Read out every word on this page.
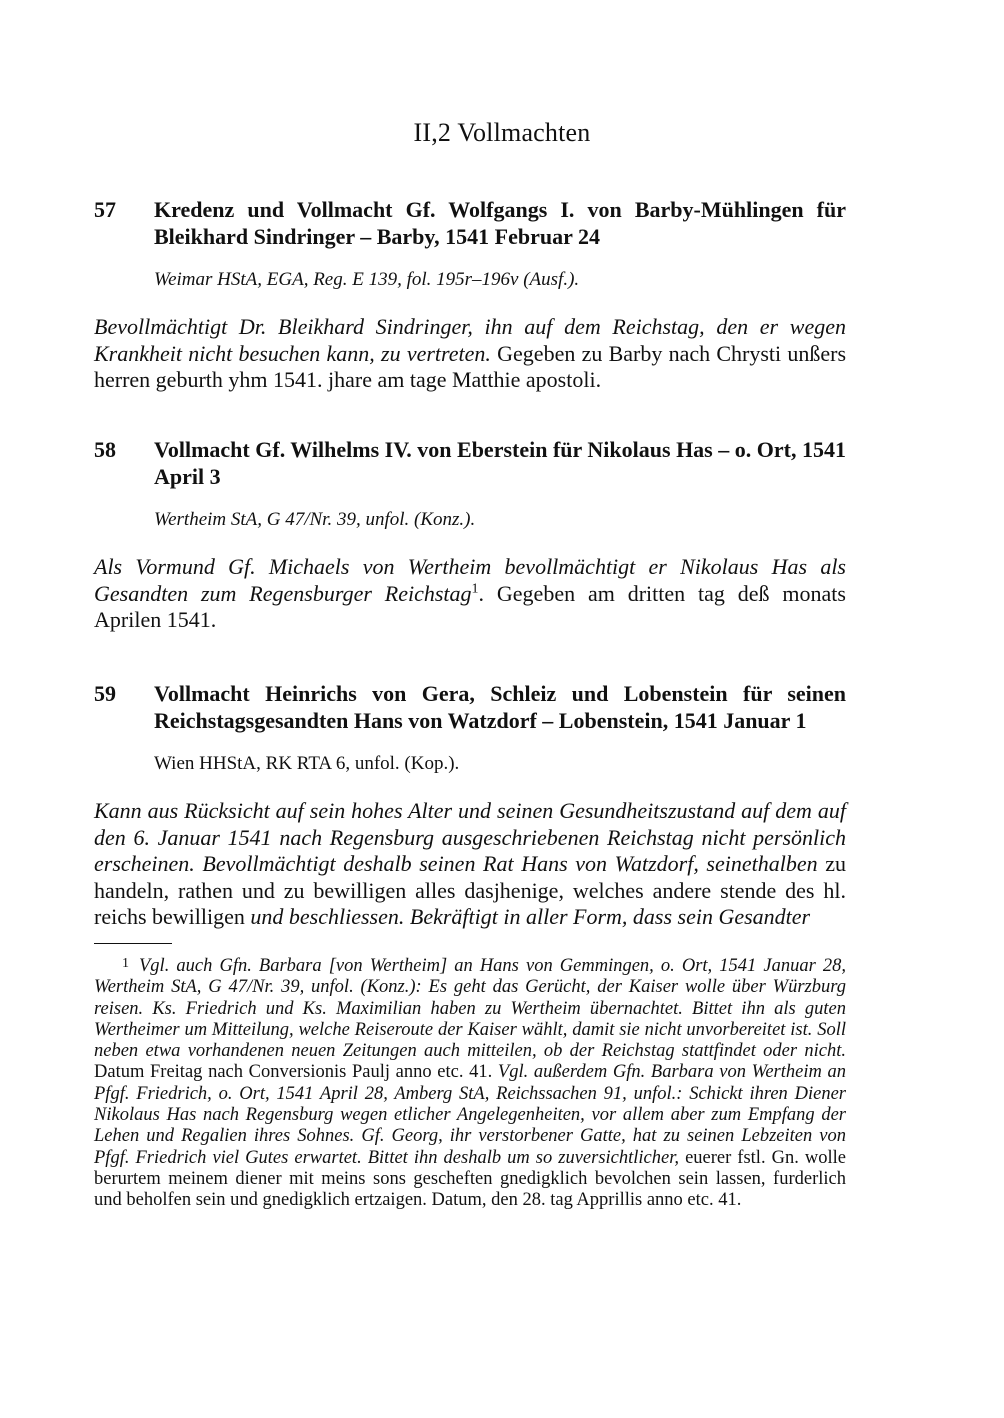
II,2 Vollmachten
57	Kredenz und Vollmacht Gf. Wolfgangs I. von Barby-Mühlingen für Bleikhard Sindringer – Barby, 1541 Februar 24
Weimar HStA, EGA, Reg. E 139, fol. 195r–196v (Ausf.).
Bevollmächtigt Dr. Bleikhard Sindringer, ihn auf dem Reichstag, den er wegen Krankheit nicht besuchen kann, zu vertreten. Gegeben zu Barby nach Chrysti unßers herren geburth yhm 1541. jhare am tage Matthie apostoli.
58	Vollmacht Gf. Wilhelms IV. von Eberstein für Nikolaus Has – o. Ort, 1541 April 3
Wertheim StA, G 47/Nr. 39, unfol. (Konz.).
Als Vormund Gf. Michaels von Wertheim bevollmächtigt er Nikolaus Has als Gesandten zum Regensburger Reichstag$^1$. Gegeben am dritten tag deß monats Aprilen 1541.
59	Vollmacht Heinrichs von Gera, Schleiz und Lobenstein für seinen Reichstagsgesandten Hans von Watzdorf – Lobenstein, 1541 Januar 1
Wien HHStA, RK RTA 6, unfol. (Kop.).
Kann aus Rücksicht auf sein hohes Alter und seinen Gesundheitszustand auf dem auf den 6. Januar 1541 nach Regensburg ausgeschriebenen Reichstag nicht persönlich erscheinen. Bevollmächtigt deshalb seinen Rat Hans von Watzdorf, seinethalben zu handeln, rathen und zu bewilligen alles dasjhenige, welches andere stende des hl. reichs bewilligen und beschliessen. Bekräftigt in aller Form, dass sein Gesandter
1 Vgl. auch Gfn. Barbara [von Wertheim] an Hans von Gemmingen, o. Ort, 1541 Januar 28, Wertheim StA, G 47/Nr. 39, unfol. (Konz.): Es geht das Gerücht, der Kaiser wolle über Würzburg reisen. Ks. Friedrich und Ks. Maximilian haben zu Wertheim übernachtet. Bittet ihn als guten Wertheimer um Mitteilung, welche Reiseroute der Kaiser wählt, damit sie nicht unvorbereitet ist. Soll neben etwa vorhandenen neuen Zeitungen auch mitteilen, ob der Reichstag stattfindet oder nicht. Datum Freitag nach Conversionis Paulj anno etc. 41. Vgl. außerdem Gfn. Barbara von Wertheim an Pfgf. Friedrich, o. Ort, 1541 April 28, Amberg StA, Reichssachen 91, unfol.: Schickt ihren Diener Nikolaus Has nach Regensburg wegen etlicher Angelegenheiten, vor allem aber zum Empfang der Lehen und Regalien ihres Sohnes. Gf. Georg, ihr verstorbener Gatte, hat zu seinen Lebzeiten von Pfgf. Friedrich viel Gutes erwartet. Bittet ihn deshalb um so zuversichtlicher, euerer fstl. Gn. wolle berurtem meinem diener mit meins sons gescheften gnedigklich bevolchen sein lassen, furderlich und beholfen sein und gnedigklich ertzaigen. Datum, den 28. tag Apprillis anno etc. 41.
